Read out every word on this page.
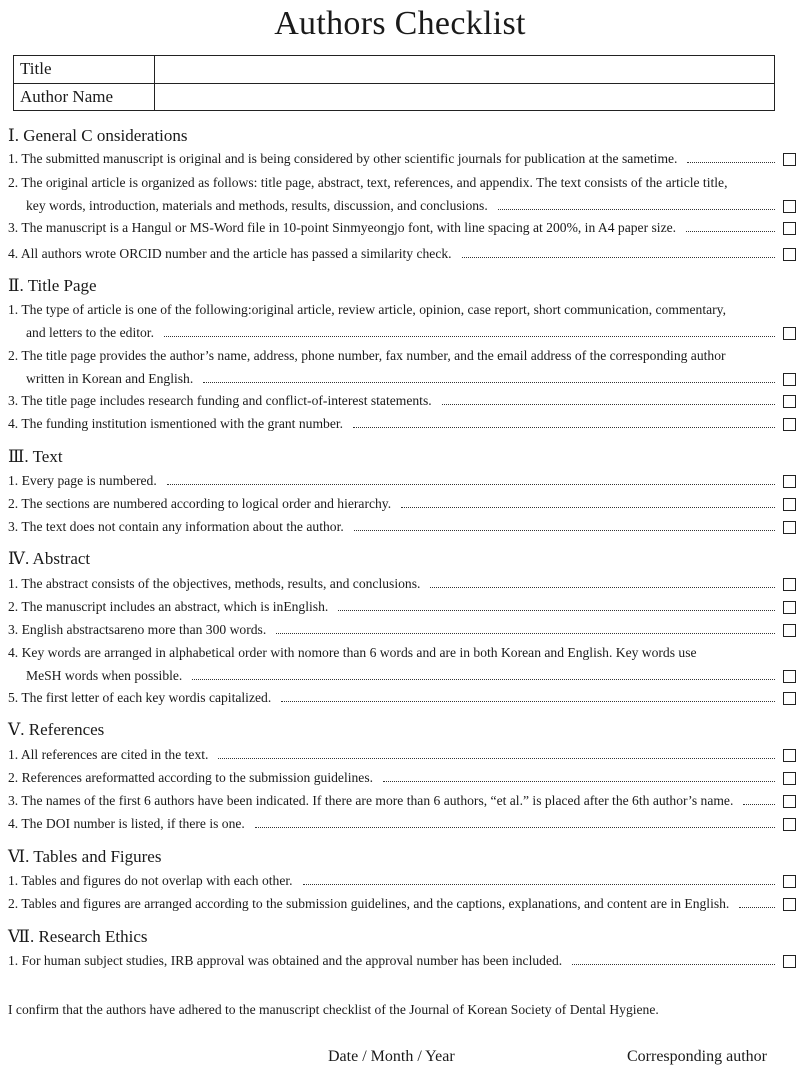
Authors Checklist
Title	
Author Name	
Ⅰ. General C onsiderations
1. The submitted manuscript is original and is being considered by other scientific journals for publication at the sametime.
2. The original article is organized as follows: title page, abstract, text, references, and appendix. The text consists of the article title,
key words, introduction, materials and methods, results, discussion, and conclusions.
3. The manuscript is a Hangul or MS-Word file in 10-point Sinmyeongjo font, with line spacing at 200%, in A4 paper size.
4. All authors wrote ORCID number and the article has passed a similarity check.
Ⅱ. Title Page
1. The type of article is one of the following:original article, review article, opinion, case report, short communication, commentary,
and letters to the editor.
2. The title page provides the author’s name, address, phone number, fax number, and the email address of the corresponding author
written in Korean and English.
3. The title page includes research funding and conflict-of-interest statements.
4. The funding institution ismentioned with the grant number.
Ⅲ. Text
1. Every page is numbered.
2. The sections are numbered according to logical order and hierarchy.
3. The text does not contain any information about the author.
Ⅳ. Abstract
1. The abstract consists of the objectives, methods, results, and conclusions.
2. The manuscript includes an abstract, which is inEnglish.
3. English abstractsareno more than 300 words.
4. Key words are arranged in alphabetical order with nomore than 6 words and are in both Korean and English. Key words use
MeSH words when possible.
5. The first letter of each key wordis capitalized.
Ⅴ. References
1. All references are cited in the text.
2. References areformatted according to the submission guidelines.
3. The names of the first 6 authors have been indicated. If there are more than 6 authors, “et al.” is placed after the 6th author’s name.
4. The DOI number is listed, if there is one.
Ⅵ. Tables and Figures
1. Tables and figures do not overlap with each other.
2. Tables and figures are arranged according to the submission guidelines, and the captions, explanations, and content are in English.
Ⅶ. Research Ethics
1. For human subject studies, IRB approval was obtained and the approval number has been included.
I confirm that the authors have adhered to the manuscript checklist of the Journal of Korean Society of Dental Hygiene.
Date / Month / Year	Corresponding author
